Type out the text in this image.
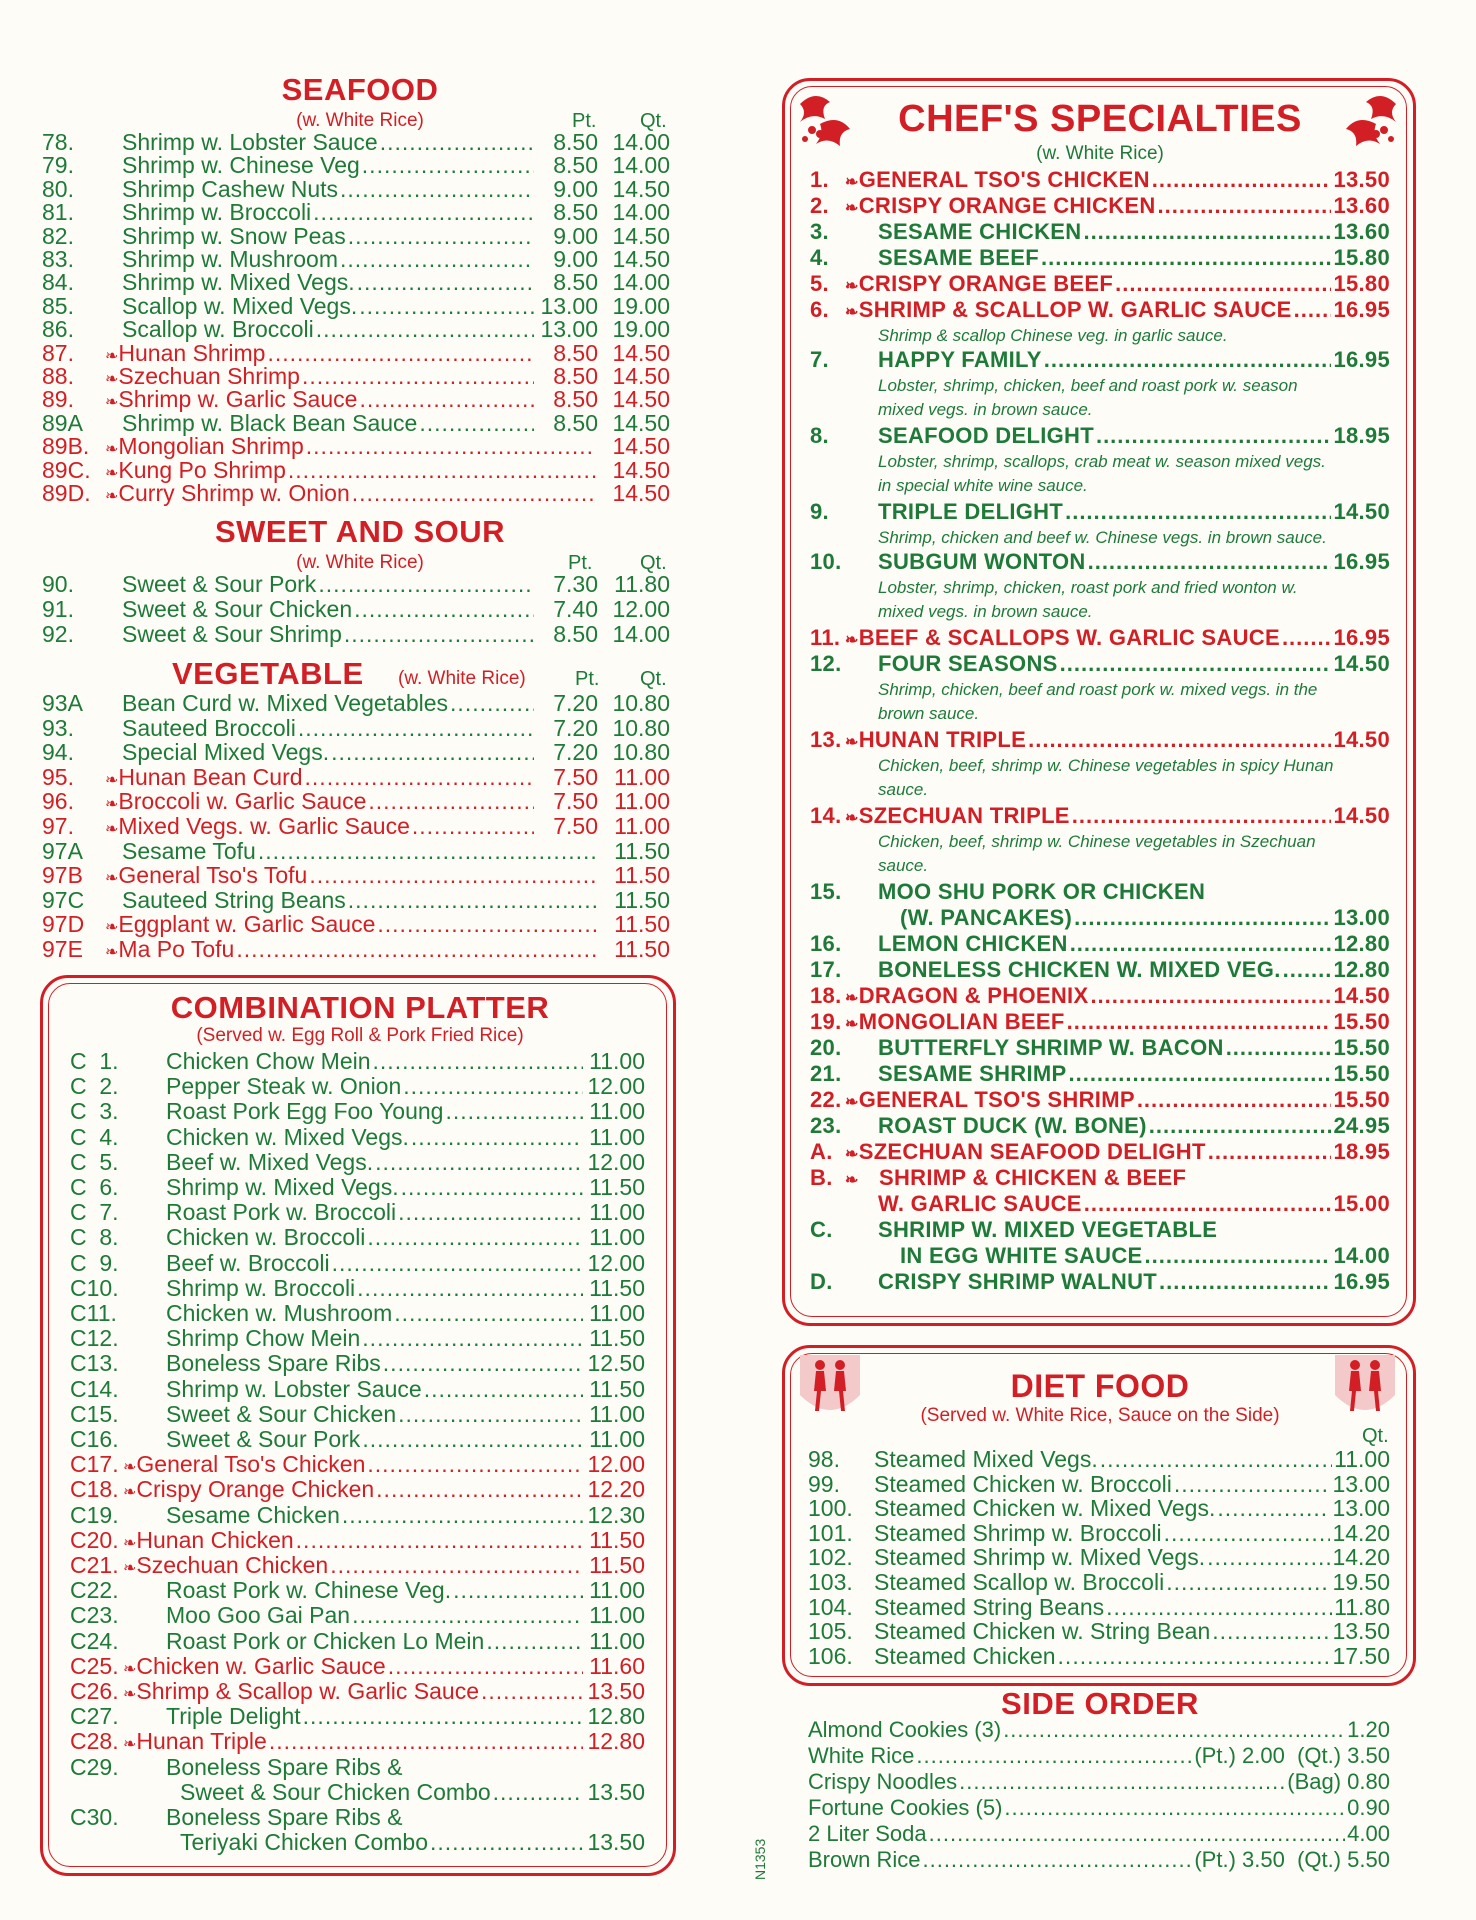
SEAFOOD
(w. White Rice)	Pt. Qt.
78.	Shrimp w. Lobster Sauce .....	8.50 14.00
79.	Shrimp w. Chinese Veg .....	8.50 14.00
80.	Shrimp Cashew Nuts .....	9.00 14.50
81.	Shrimp w. Broccoli .....	8.50 14.00
82.	Shrimp w. Snow Peas .....	9.00 14.50
83.	Shrimp w. Mushroom .....	9.00 14.50
84.	Shrimp w. Mixed Vegs. .....	8.50 14.00
85.	Scallop w. Mixed Vegs. .....	13.00 19.00
86.	Scallop w. Broccoli .....	13.00 19.00
87.	❧ Hunan Shrimp .....	8.50 14.50
88.	❧ Szechuan Shrimp .....	8.50 14.50
89.	❧ Shrimp w. Garlic Sauce .....	8.50 14.50
89A	Shrimp w. Black Bean Sauce .....	8.50 14.50
89B. ❧ Mongolian Shrimp .....	14.50
89C. ❧ Kung Po Shrimp .....	14.50
89D. ❧ Curry Shrimp w. Onion .....	14.50
SWEET AND SOUR
(w. White Rice)	Pt. Qt.
90.	Sweet & Sour Pork .....	7.30 11.80
91.	Sweet & Sour Chicken .....	7.40 12.00
92.	Sweet & Sour Shrimp .....	8.50 14.00
VEGETABLE	(w. White Rice)	Pt. Qt.
93A	Bean Curd w. Mixed Vegetables .....	7.20 10.80
93.	Sauteed Broccoli .....	7.20 10.80
94.	Special Mixed Vegs. .....	7.20 10.80
95.	❧ Hunan Bean Curd .....	7.50 11.00
96.	❧ Broccoli w. Garlic Sauce .....	7.50 11.00
97.	❧ Mixed Vegs. w. Garlic Sauce .....	7.50 11.00
97A	Sesame Tofu .....	11.50
97B	❧ General Tso's Tofu .....	11.50
97C	Sauteed String Beans .....	11.50
97D	❧ Eggplant w. Garlic Sauce .....	11.50
97E	❧ Ma Po Tofu .....	11.50
COMBINATION PLATTER
(Served w. Egg Roll & Pork Fried Rice)
C  1.	Chicken Chow Mein .....	11.00
C  2.	Pepper Steak w. Onion .....	12.00
C  3.	Roast Pork Egg Foo Young .....	11.00
C  4.	Chicken w. Mixed Vegs. .....	11.00
C  5.	Beef w. Mixed Vegs. .....	12.00
C  6.	Shrimp w. Mixed Vegs. .....	11.50
C  7.	Roast Pork w. Broccoli .....	11.00
C  8.	Chicken w. Broccoli .....	11.00
C  9.	Beef w. Broccoli .....	12.00
C10.	Shrimp w. Broccoli .....	11.50
C11.	Chicken w. Mushroom .....	11.00
C12.	Shrimp Chow Mein .....	11.50
C13.	Boneless Spare Ribs .....	12.50
C14.	Shrimp w. Lobster Sauce .....	11.50
C15.	Sweet & Sour Chicken .....	11.00
C16.	Sweet & Sour Pork .....	11.00
C17. ❧ General Tso's Chicken .....	12.00
C18. ❧ Crispy Orange Chicken .....	12.20
C19.	Sesame Chicken .....	12.30
C20. ❧ Hunan Chicken .....	11.50
C21. ❧ Szechuan Chicken .....	11.50
C22.	Roast Pork w. Chinese Veg. .....	11.00
C23.	Moo Goo Gai Pan .....	11.00
C24.	Roast Pork or Chicken Lo Mein .....	11.00
C25. ❧ Chicken w. Garlic Sauce .....	11.60
C26. ❧ Shrimp & Scallop w. Garlic Sauce .....	13.50
C27.	Triple Delight .....	12.80
C28. ❧ Hunan Triple .....	12.80
C29.	Boneless Spare Ribs &
Sweet & Sour Chicken Combo .....	13.50
C30.	Boneless Spare Ribs &
Teriyaki Chicken Combo .....	13.50
CHEF'S SPECIALTIES
(w. White Rice)
1.	❧ GENERAL TSO'S CHICKEN .....	13.50
2.	❧ CRISPY ORANGE CHICKEN .....	13.60
3.	SESAME CHICKEN .....	13.60
4.	SESAME BEEF .....	15.80
5.	❧ CRISPY ORANGE BEEF .....	15.80
6.	❧ SHRIMP & SCALLOP W. GARLIC SAUCE ..... 16.95
Shrimp & scallop Chinese veg. in garlic sauce.
7.	HAPPY FAMILY .....	16.95
Lobster, shrimp, chicken, beef and roast pork w. season mixed vegs. in brown sauce.
8.	SEAFOOD DELIGHT .....	18.95
Lobster, shrimp, scallops, crab meat w. season mixed vegs. in special white wine sauce.
9.	TRIPLE DELIGHT .....	14.50
Shrimp, chicken and beef w. Chinese vegs. in brown sauce.
10.	SUBGUM WONTON .....	16.95
Lobster, shrimp, chicken, roast pork and fried wonton w. mixed vegs. in brown sauce.
11. ❧ BEEF & SCALLOPS W. GARLIC SAUCE ..... 16.95
12.	FOUR SEASONS .....	14.50
Shrimp, chicken, beef and roast pork w. mixed vegs. in the brown sauce.
13. ❧ HUNAN TRIPLE .....	14.50
Chicken, beef, shrimp w. Chinese vegetables in spicy Hunan sauce.
14. ❧ SZECHUAN TRIPLE .....	14.50
Chicken, beef, shrimp w. Chinese vegetables in Szechuan sauce.
15.	MOO SHU PORK OR CHICKEN
(W. PANCAKES) .....	13.00
16.	LEMON CHICKEN .....	12.80
17.	BONELESS CHICKEN W. MIXED VEG. ..... 12.80
18. ❧ DRAGON & PHOENIX .....	14.50
19. ❧ MONGOLIAN BEEF .....	15.50
20.	BUTTERFLY SHRIMP W. BACON .....	15.50
21.	SESAME SHRIMP .....	15.50
22. ❧ GENERAL TSO'S SHRIMP .....	15.50
23.	ROAST DUCK (W. BONE) .....	24.95
A. ❧ SZECHUAN SEAFOOD DELIGHT .....	18.95
B. ❧ SHRIMP & CHICKEN & BEEF
W. GARLIC SAUCE .....	15.00
C.	SHRIMP W. MIXED VEGETABLE
IN EGG WHITE SAUCE .....	14.00
D.	CRISPY SHRIMP WALNUT .....	16.95
DIET FOOD
(Served w. White Rice, Sauce on the Side)
Qt.
98.	Steamed Mixed Vegs. .....	11.00
99.	Steamed Chicken w. Broccoli .....	13.00
100. Steamed Chicken w. Mixed Vegs. .....	13.00
101. Steamed Shrimp w. Broccoli .....	14.20
102. Steamed Shrimp w. Mixed Vegs. .....	14.20
103. Steamed Scallop w. Broccoli .....	19.50
104. Steamed String Beans .....	11.80
105. Steamed Chicken w. String Bean .....	13.50
106. Steamed Chicken .....	17.50
SIDE ORDER
Almond Cookies (3) .....	1.20
White Rice .....	(Pt.) 2.00  (Qt.) 3.50
Crispy Noodles .....	(Bag) 0.80
Fortune Cookies (5) .....	0.90
2 Liter Soda .....	4.00
Brown Rice .....	(Pt.) 3.50  (Qt.) 5.50
N1353
